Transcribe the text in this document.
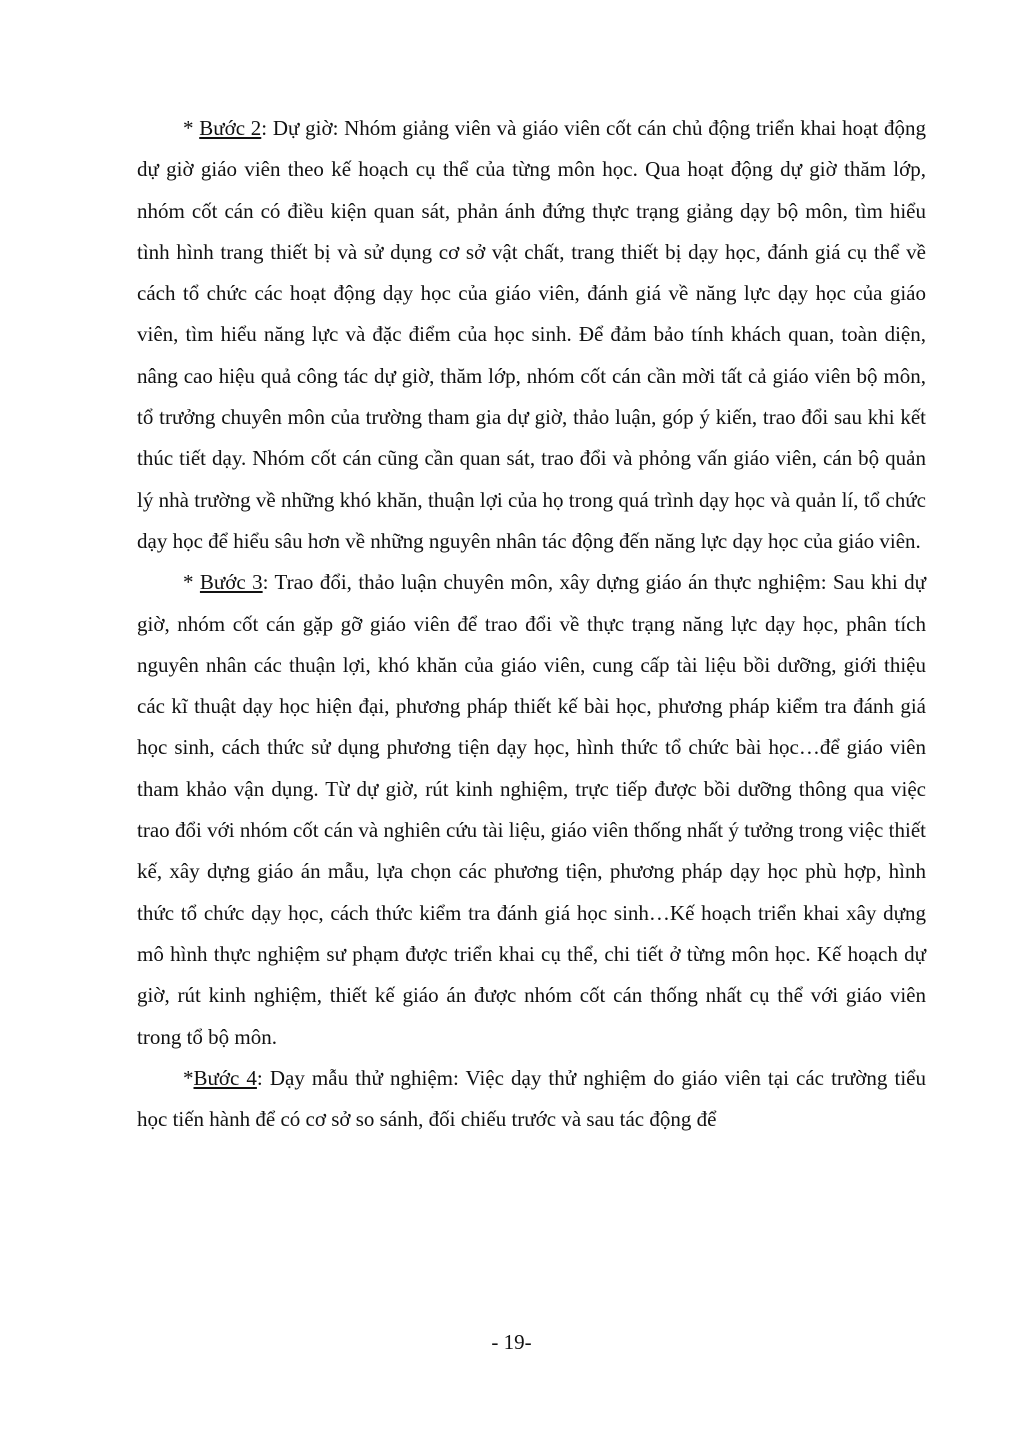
* Bước 2: Dự giờ: Nhóm giảng viên và giáo viên cốt cán chủ động triển khai hoạt động dự giờ giáo viên theo kế hoạch cụ thể của từng môn học. Qua hoạt động dự giờ thăm lớp, nhóm cốt cán có điều kiện quan sát, phản ánh đứng thực trạng giảng dạy bộ môn, tìm hiểu tình hình trang thiết bị và sử dụng cơ sở vật chất, trang thiết bị dạy học, đánh giá cụ thể về cách tổ chức các hoạt động dạy học của giáo viên, đánh giá về năng lực dạy học của giáo viên, tìm hiểu năng lực và đặc điểm của học sinh. Để đảm bảo tính khách quan, toàn diện, nâng cao hiệu quả công tác dự giờ, thăm lớp, nhóm cốt cán cần mời tất cả giáo viên bộ môn, tổ trưởng chuyên môn của trường tham gia dự giờ, thảo luận, góp ý kiến, trao đổi sau khi kết thúc tiết dạy. Nhóm cốt cán cũng cần quan sát, trao đổi và phỏng vấn giáo viên, cán bộ quản lý nhà trường về những khó khăn, thuận lợi của họ trong quá trình dạy học và quản lí, tổ chức dạy học để hiểu sâu hơn về những nguyên nhân tác động đến năng lực dạy học của giáo viên.

* Bước 3: Trao đổi, thảo luận chuyên môn, xây dựng giáo án thực nghiệm: Sau khi dự giờ, nhóm cốt cán gặp gỡ giáo viên để trao đổi về thực trạng năng lực dạy học, phân tích nguyên nhân các thuận lợi, khó khăn của giáo viên, cung cấp tài liệu bồi dưỡng, giới thiệu các kĩ thuật dạy học hiện đại, phương pháp thiết kế bài học, phương pháp kiểm tra đánh giá học sinh, cách thức sử dụng phương tiện dạy học, hình thức tổ chức bài học…để giáo viên tham khảo vận dụng. Từ dự giờ, rút kinh nghiệm, trực tiếp được bồi dưỡng thông qua việc trao đổi với nhóm cốt cán và nghiên cứu tài liệu, giáo viên thống nhất ý tưởng trong việc thiết kế, xây dựng giáo án mẫu, lựa chọn các phương tiện, phương pháp dạy học phù hợp, hình thức tổ chức dạy học, cách thức kiểm tra đánh giá học sinh…Kế hoạch triển khai xây dựng mô hình thực nghiệm sư phạm được triển khai cụ thể, chi tiết ở từng môn học. Kế hoạch dự giờ, rút kinh nghiệm, thiết kế giáo án được nhóm cốt cán thống nhất cụ thể với giáo viên trong tổ bộ môn.

*Bước 4: Dạy mẫu thử nghiệm: Việc dạy thử nghiệm do giáo viên tại các trường tiểu học tiến hành để có cơ sở so sánh, đối chiếu trước và sau tác động để

- 19-
